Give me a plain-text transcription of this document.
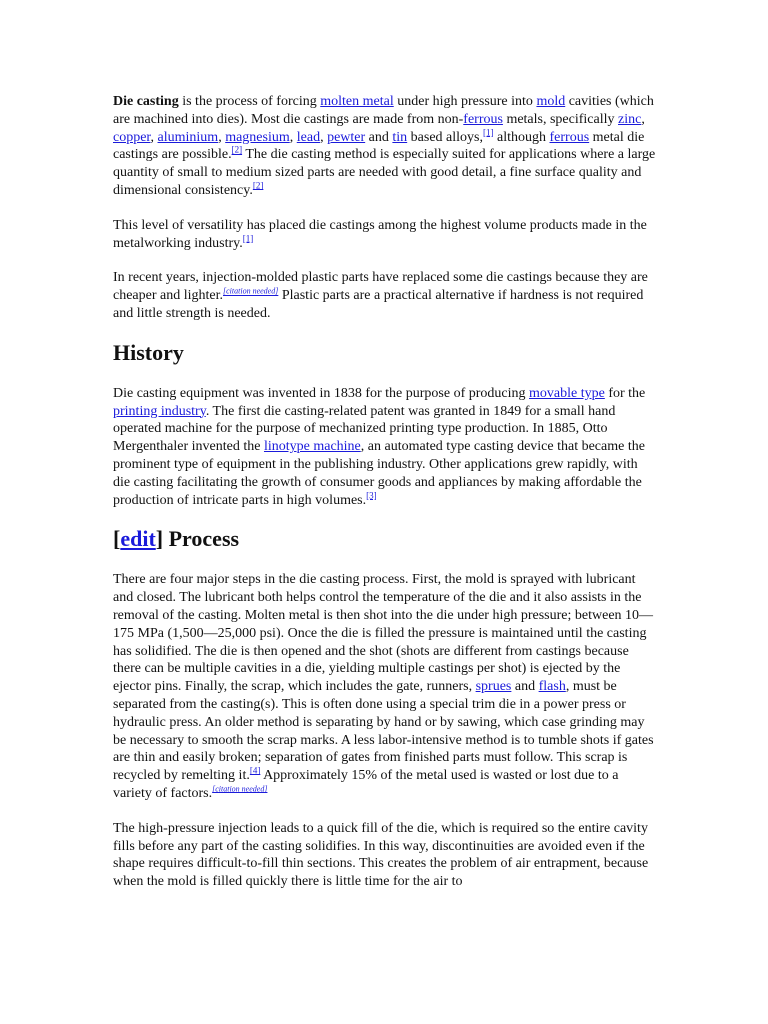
Die casting is the process of forcing molten metal under high pressure into mold cavities (which are machined into dies). Most die castings are made from non-ferrous metals, specifically zinc, copper, aluminium, magnesium, lead, pewter and tin based alloys,[1] although ferrous metal die castings are possible.[2] The die casting method is especially suited for applications where a large quantity of small to medium sized parts are needed with good detail, a fine surface quality and dimensional consistency.[2]

This level of versatility has placed die castings among the highest volume products made in the metalworking industry.[1]

In recent years, injection-molded plastic parts have replaced some die castings because they are cheaper and lighter.[citation needed] Plastic parts are a practical alternative if hardness is not required and little strength is needed.

History

Die casting equipment was invented in 1838 for the purpose of producing movable type for the printing industry. The first die casting-related patent was granted in 1849 for a small hand operated machine for the purpose of mechanized printing type production. In 1885, Otto Mergenthaler invented the linotype machine, an automated type casting device that became the prominent type of equipment in the publishing industry. Other applications grew rapidly, with die casting facilitating the growth of consumer goods and appliances by making affordable the production of intricate parts in high volumes.[3]

[edit] Process

There are four major steps in the die casting process. First, the mold is sprayed with lubricant and closed. The lubricant both helps control the temperature of the die and it also assists in the removal of the casting. Molten metal is then shot into the die under high pressure; between 10—175 MPa (1,500—25,000 psi). Once the die is filled the pressure is maintained until the casting has solidified. The die is then opened and the shot (shots are different from castings because there can be multiple cavities in a die, yielding multiple castings per shot) is ejected by the ejector pins. Finally, the scrap, which includes the gate, runners, sprues and flash, must be separated from the casting(s). This is often done using a special trim die in a power press or hydraulic press. An older method is separating by hand or by sawing, which case grinding may be necessary to smooth the scrap marks. A less labor-intensive method is to tumble shots if gates are thin and easily broken; separation of gates from finished parts must follow. This scrap is recycled by remelting it.[4] Approximately 15% of the metal used is wasted or lost due to a variety of factors.[citation needed]

The high-pressure injection leads to a quick fill of the die, which is required so the entire cavity fills before any part of the casting solidifies. In this way, discontinuities are avoided even if the shape requires difficult-to-fill thin sections. This creates the problem of air entrapment, because when the mold is filled quickly there is little time for the air to
